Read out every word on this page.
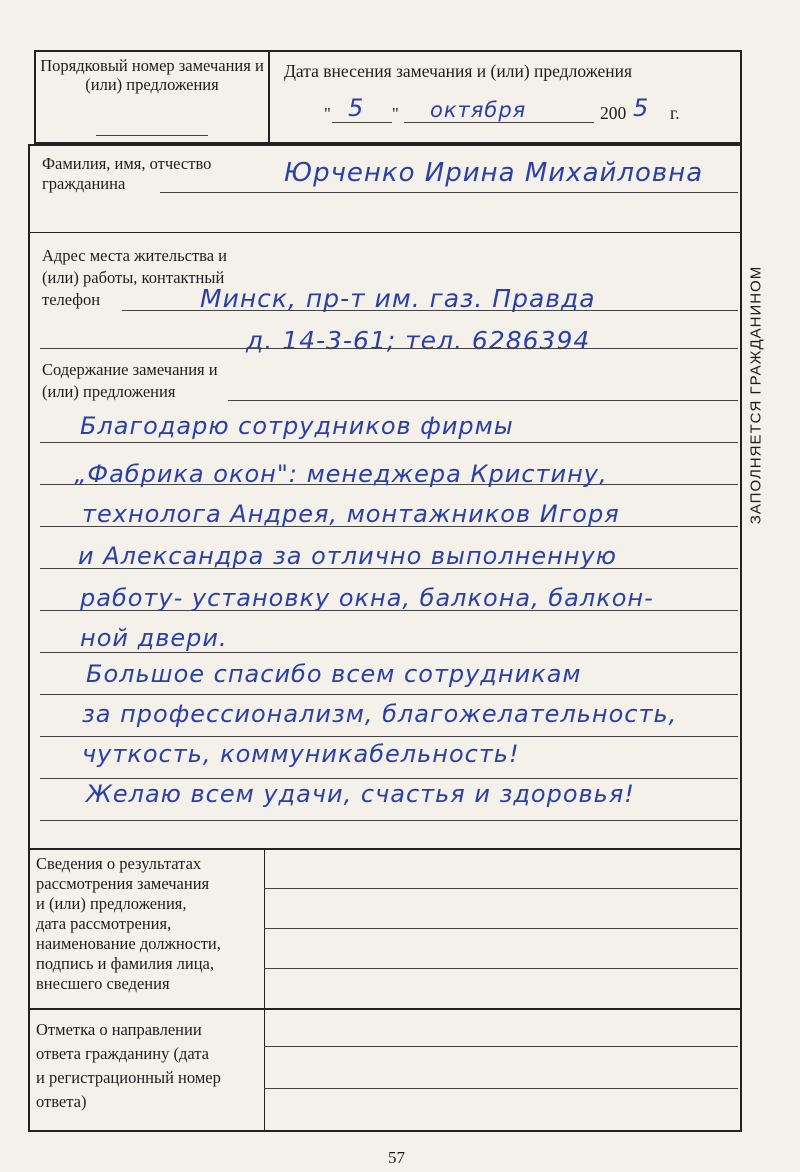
Порядковый номер замечания и (или) предложения
Дата внесения замечания и (или) предложения
" 5 " октября	200 5 г.
Фамилия, имя, отчество
гражданина	Юрченко Ирина Михайловна
Адрес места жительства и
(или) работы, контактный
телефон	Минск, пр-т им. газ. Правда
д. 14-3-61; тел. 6286394
Содержание замечания и
(или) предложения
Благодарю сотрудников фирмы
„Фабрика окон": менеджера Кристину,
технолога Андрея, монтажников Игоря
и Александра за отлично выполненную
работу- установку окна, балкона, балкон-
ной двери.
Большое спасибо всем сотрудникам
за профессионализм, благожелательность,
чуткость, коммуникабельность!
Желаю всем удачи, счастья и здоровья!
Сведения о результатах
рассмотрения замечания
и (или) предложения,
дата рассмотрения,
наименование должности,
подпись и фамилия лица,
внесшего сведения
Отметка о направлении
ответа гражданину (дата
и регистрационный номер
ответа)
ЗАПОЛНЯЕТСЯ ГРАЖДАНИНОМ
57
